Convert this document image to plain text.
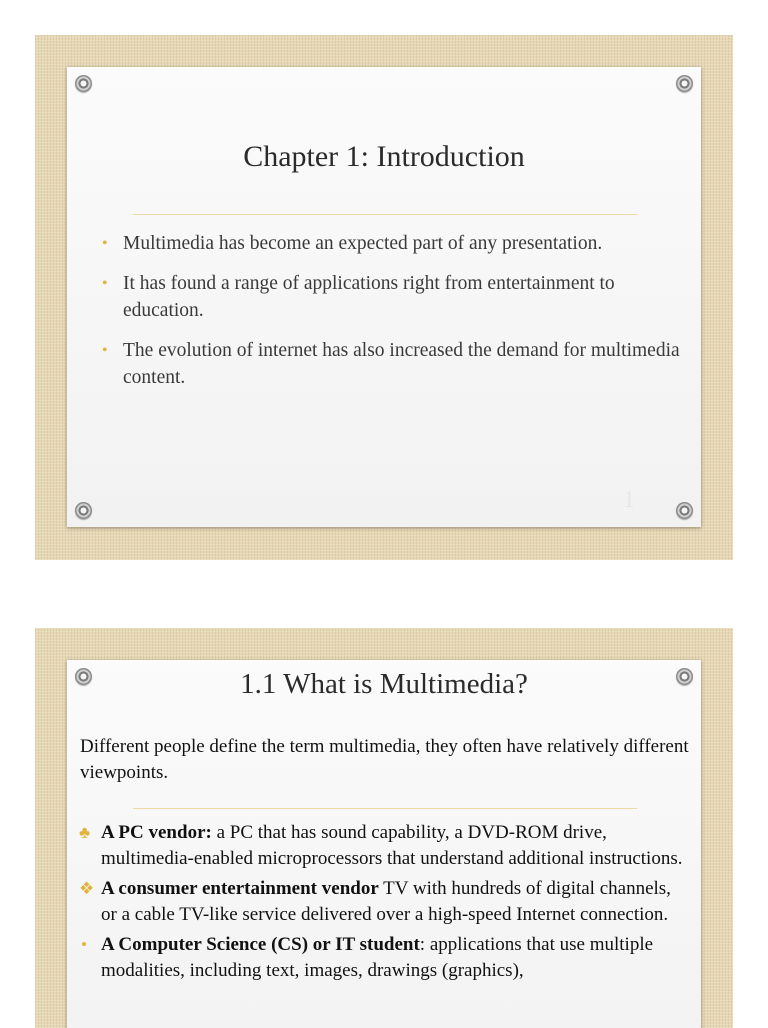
Chapter 1: Introduction
• Multimedia has become an expected part of any presentation.
• It has found a range of applications right from entertainment to education.
• The evolution of internet has also increased the demand for multimedia content.
1
1.1 What is Multimedia?

Different people define the term multimedia, they often have relatively different viewpoints.

♣ A PC vendor: a PC that has sound capability, a DVD-ROM drive, multimedia-enabled microprocessors that understand additional instructions.
❖ A consumer entertainment vendor TV with hundreds of digital channels, or a cable TV-like service delivered over a high-speed Internet connection.
• A Computer Science (CS) or IT student: applications that use multiple modalities, including text, images, drawings (graphics),
